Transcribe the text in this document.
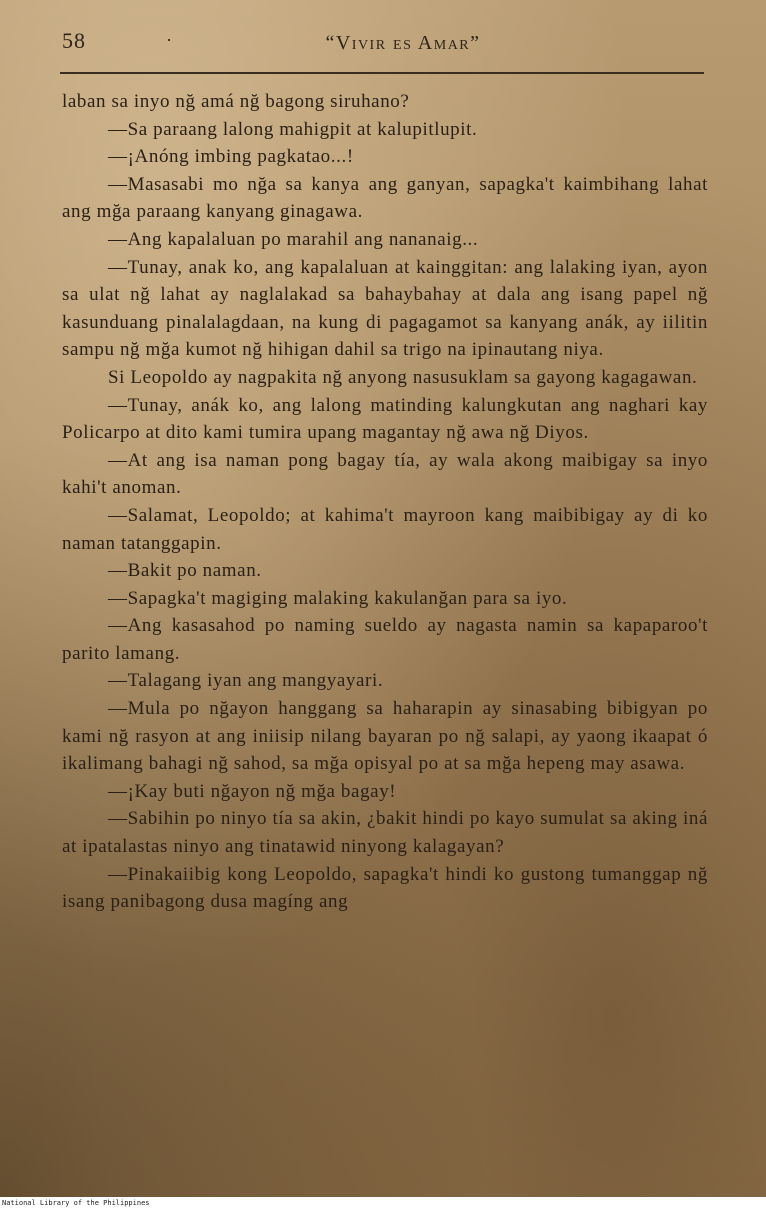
58	·	“Vivir es Amar”

laban sa inyo nğ amá nğ bagong siruhano?

—Sa paraang lalong mahigpit at kalupitlupit.

—¡Anóng imbing pagkatao...!

—Masasabi mo nğa sa kanya ang ganyan, sapagka't kaimbihang lahat ang mğa paraang kanyang ginagawa.

—Ang kapalaluan po marahil ang nananaig...

—Tunay, anak ko, ang kapalaluan at kainggitan: ang lalaking iyan, ayon sa ulat nğ lahat ay naglalakad sa bahaybahay at dala ang isang papel nğ kasunduang pinalalagdaan, na kung di pagagamot sa kanyang anák, ay iilitin sampu nğ mğa kumot nğ hihigan dahil sa trigo na ipinautang niya.

Si Leopoldo ay nagpakita nğ anyong nasusuklam sa gayong kagagawan.

—Tunay, anák ko, ang lalong matinding kalungkutan ang naghari kay Policarpo at dito kami tumira upang magantay nğ awa nğ Diyos.

—At ang isa naman pong bagay tía, ay wala akong maibigay sa inyo kahi't anoman.

—Salamat, Leopoldo; at kahima't mayroon kang maibibigay ay di ko naman tatanggapin.

—Bakit po naman.

—Sapagka't magiging malaking kakulanğan para sa iyo.

—Ang kasasahod po naming sueldo ay nagasta namin sa kapaparoo't parito lamang.

—Talagang iyan ang mangyayari.

—Mula po nğayon hanggang sa haharapin ay sinasabing bibigyan po kami nğ rasyon at ang iniisip nilang bayaran po nğ salapi, ay yaong ikaapat ó ikalimang bahagi nğ sahod, sa mğa opisyal po at sa mğa hepeng may asawa.

—¡Kay buti nğayon nğ mğa bagay!

—Sabihin po ninyo tía sa akin, ¿bakit hindi po kayo sumulat sa aking iná at ipatalastas ninyo ang tinatawid ninyong kalagayan?

—Pinakaiibig kong Leopoldo, sapagka't hindi ko gustong tumanggap nğ isang panibagong dusa magíng ang

National Library of the Philippines
